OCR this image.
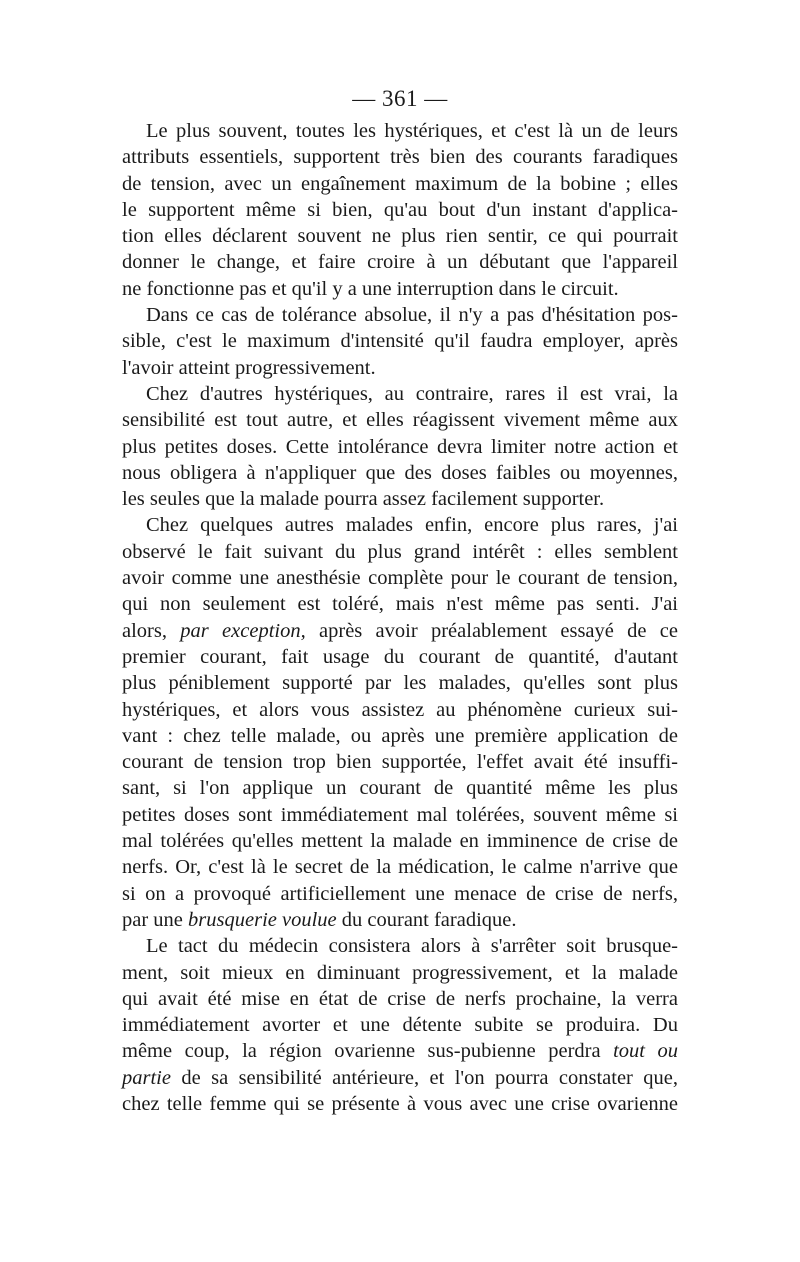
— 361 —
Le plus souvent, toutes les hystériques, et c'est là un de leurs
attributs essentiels, supportent très bien des courants faradiques
de tension, avec un engaînement maximum de la bobine ; elles
le supportent même si bien, qu'au bout d'un instant d'applica-
tion elles déclarent souvent ne plus rien sentir, ce qui pourrait
donner le change, et faire croire à un débutant que l'appareil
ne fonctionne pas et qu'il y a une interruption dans le circuit.
Dans ce cas de tolérance absolue, il n'y a pas d'hésitation pos-
sible, c'est le maximum d'intensité qu'il faudra employer, après
l'avoir atteint progressivement.
Chez d'autres hystériques, au contraire, rares il est vrai, la
sensibilité est tout autre, et elles réagissent vivement même aux
plus petites doses. Cette intolérance devra limiter notre action et
nous obligera à n'appliquer que des doses faibles ou moyennes,
les seules que la malade pourra assez facilement supporter.
Chez quelques autres malades enfin, encore plus rares, j'ai
observé le fait suivant du plus grand intérêt : elles semblent
avoir comme une anesthésie complète pour le courant de tension,
qui non seulement est toléré, mais n'est même pas senti. J'ai
alors, par exception, après avoir préalablement essayé de ce
premier courant, fait usage du courant de quantité, d'autant
plus péniblement supporté par les malades, qu'elles sont plus
hystériques, et alors vous assistez au phénomène curieux sui-
vant : chez telle malade, ou après une première application de
courant de tension trop bien supportée, l'effet avait été insuffi-
sant, si l'on applique un courant de quantité même les plus
petites doses sont immédiatement mal tolérées, souvent même si
mal tolérées qu'elles mettent la malade en imminence de crise de
nerfs. Or, c'est là le secret de la médication, le calme n'arrive que
si on a provoqué artificiellement une menace de crise de nerfs,
par une brusquerie voulue du courant faradique.
Le tact du médecin consistera alors à s'arrêter soit brusque-
ment, soit mieux en diminuant progressivement, et la malade
qui avait été mise en état de crise de nerfs prochaine, la verra
immédiatement avorter et une détente subite se produira. Du
même coup, la région ovarienne sus-pubienne perdra tout ou
partie de sa sensibilité antérieure, et l'on pourra constater que,
chez telle femme qui se présente à vous avec une crise ovarienne
